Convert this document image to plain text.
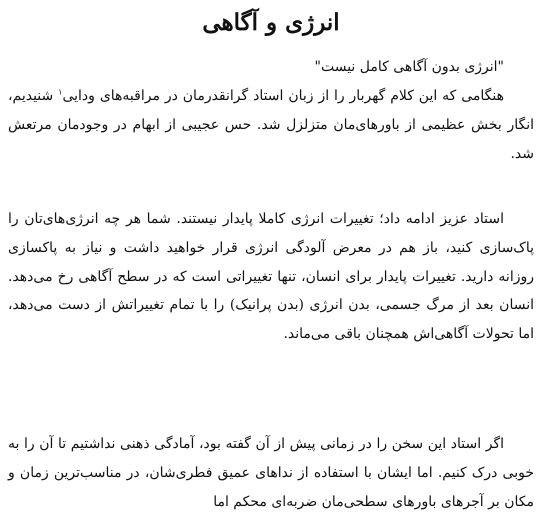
انرژی و آگاهی
"انرژی بدون آگاهی کامل نیست"

هنگامی که این کلام گهربار را از زبان استاد گرانقدرمان در مراقبه‌های ودایی$^۱$ شنیدیم، انگار بخش عظیمی از باورهای‌مان متزلزل شد. حس عجیبی از ابهام در وجودمان مرتعش شد.

استاد عزیز ادامه داد؛ تغییرات انرژی کاملا پایدار نیستند. شما هر چه انرژی‌های‌تان را پاک‌سازی کنید، باز هم در معرض آلودگی انرژی قرار خواهید داشت و نیاز به پاکسازی روزانه دارید. تغییرات پایدار برای انسان، تنها تغییراتی است که در سطح آگاهی رخ می‌دهد. انسان بعد از مرگ جسمی، بدن انرژی (بدن پرانیک) را با تمام تغییراتش از دست می‌دهد، اما تحولات آگاهی‌اش همچنان باقی می‌ماند.

اگر استاد این سخن را در زمانی پیش از آن گفته بود، آمادگی ذهنی نداشتیم تا آن را به خوبی درک کنیم. اما ایشان با استفاده از نداهای عمیق فطری‌شان، در مناسب‌ترین زمان و مکان بر آجرهای باورهای سطحی‌مان ضربه‌ای محکم اما
